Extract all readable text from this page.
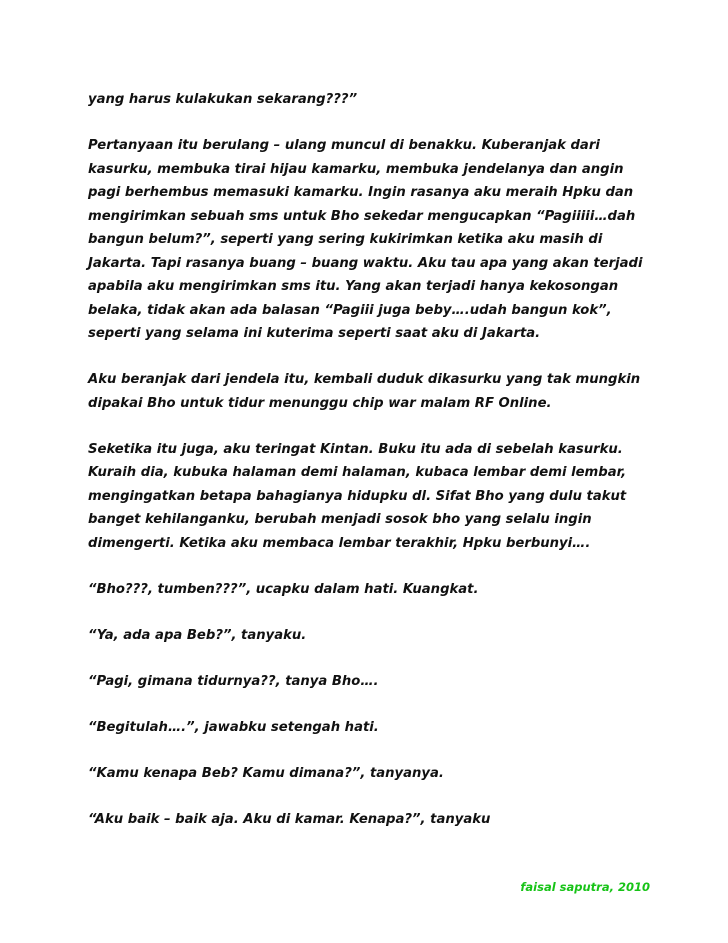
yang harus kulakukan sekarang???”

Pertanyaan itu berulang – ulang muncul di benakku. Kuberanjak dari kasurku, membuka tirai hijau kamarku, membuka jendelanya dan angin pagi berhembus memasuki kamarku. Ingin rasanya aku meraih Hpku dan mengirimkan sebuah sms untuk Bho sekedar mengucapkan “Pagiiiii…dah bangun belum?”, seperti yang sering kukirimkan ketika aku masih di Jakarta. Tapi rasanya buang – buang waktu. Aku tau apa yang akan terjadi apabila aku mengirimkan sms itu. Yang akan terjadi hanya kekosongan belaka, tidak akan ada balasan “Pagiii juga beby….udah bangun kok”, seperti yang selama ini kuterima seperti saat aku di Jakarta.

Aku beranjak dari jendela itu, kembali duduk dikasurku yang tak mungkin dipakai Bho untuk tidur menunggu chip war malam RF Online.

Seketika itu juga, aku teringat Kintan. Buku itu ada di sebelah kasurku. Kuraih dia, kubuka halaman demi halaman, kubaca lembar demi lembar, mengingatkan betapa bahagianya hidupku dl. Sifat Bho yang dulu takut banget kehilanganku, berubah menjadi sosok bho yang selalu ingin dimengerti. Ketika aku membaca lembar terakhir, Hpku berbunyi….

“Bho???, tumben???”, ucapku dalam hati. Kuangkat.

“Ya, ada apa Beb?”, tanyaku.

“Pagi, gimana tidurnya??, tanya Bho….

“Begitulah….”, jawabku setengah hati.

“Kamu kenapa Beb? Kamu dimana?”, tanyanya.

“Aku baik – baik aja. Aku di kamar. Kenapa?”, tanyaku

faisal saputra, 2010
